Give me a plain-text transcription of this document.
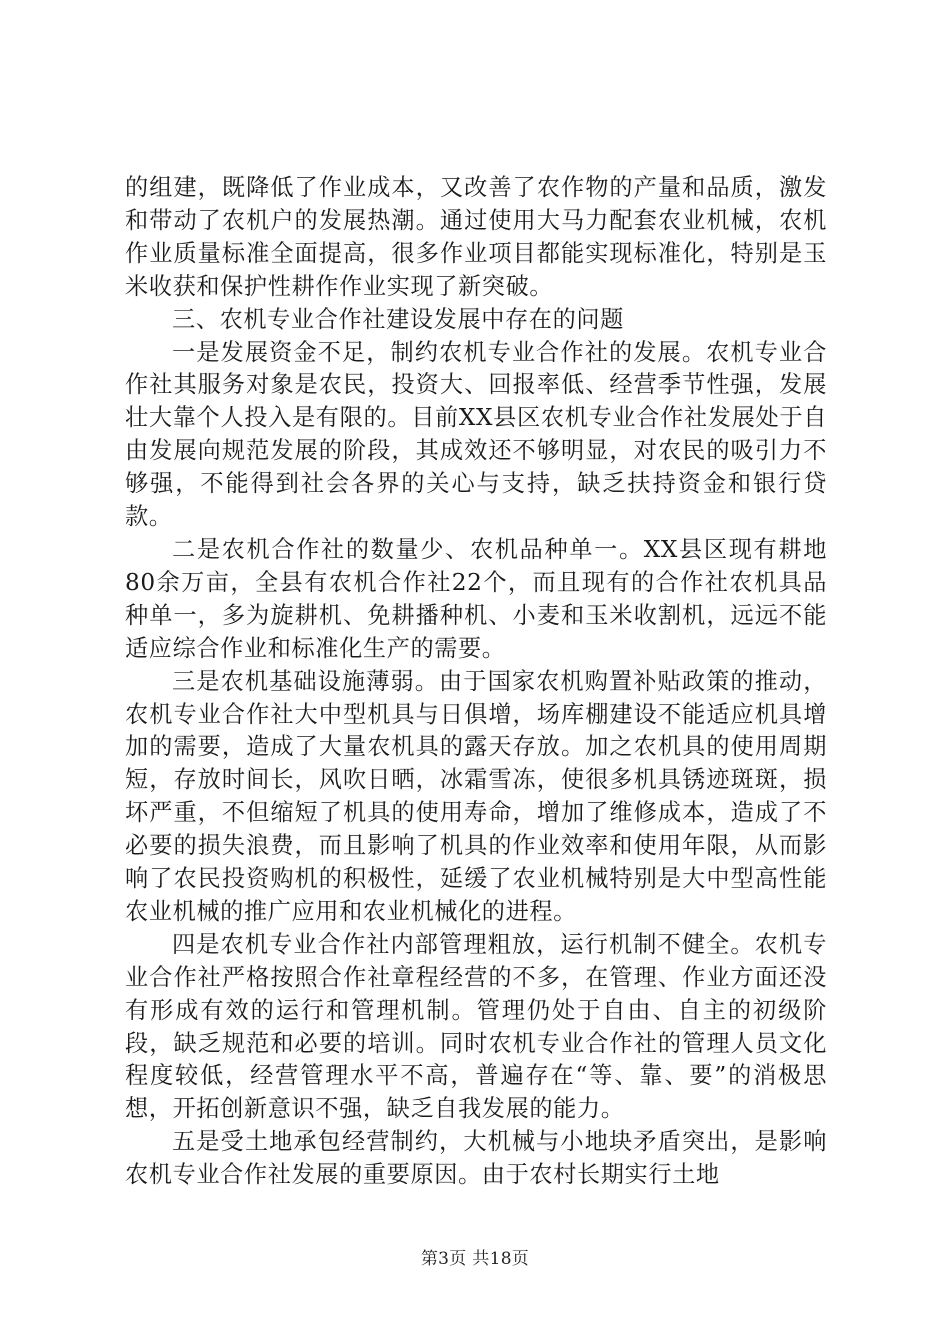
的组建，既降低了作业成本，又改善了农作物的产量和品质，激发和带动了农机户的发展热潮。通过使用大马力配套农业机械，农机作业质量标准全面提高，很多作业项目都能实现标准化，特别是玉米收获和保护性耕作作业实现了新突破。

三、农机专业合作社建设发展中存在的问题

一是发展资金不足，制约农机专业合作社的发展。农机专业合作社其服务对象是农民，投资大、回报率低、经营季节性强，发展壮大靠个人投入是有限的。目前XX县区农机专业合作社发展处于自由发展向规范发展的阶段，其成效还不够明显，对农民的吸引力不够强，不能得到社会各界的关心与支持，缺乏扶持资金和银行贷款。

二是农机合作社的数量少、农机品种单一。XX县区现有耕地80余万亩，全县有农机合作社22个，而且现有的合作社农机具品种单一，多为旋耕机、免耕播种机、小麦和玉米收割机，远远不能适应综合作业和标准化生产的需要。

三是农机基础设施薄弱。由于国家农机购置补贴政策的推动，农机专业合作社大中型机具与日俱增，场库棚建设不能适应机具增加的需要，造成了大量农机具的露天存放。加之农机具的使用周期短，存放时间长，风吹日晒，冰霜雪冻，使很多机具锈迹斑斑，损坏严重，不但缩短了机具的使用寿命，增加了维修成本，造成了不必要的损失浪费，而且影响了机具的作业效率和使用年限，从而影响了农民投资购机的积极性，延缓了农业机械特别是大中型高性能农业机械的推广应用和农业机械化的进程。

四是农机专业合作社内部管理粗放，运行机制不健全。农机专业合作社严格按照合作社章程经营的不多，在管理、作业方面还没有形成有效的运行和管理机制。管理仍处于自由、自主的初级阶段，缺乏规范和必要的培训。同时农机专业合作社的管理人员文化程度较低，经营管理水平不高，普遍存在“等、靠、要”的消极思想，开拓创新意识不强，缺乏自我发展的能力。

五是受土地承包经营制约，大机械与小地块矛盾突出，是影响农机专业合作社发展的重要原因。由于农村长期实行土地

第3页 共18页
